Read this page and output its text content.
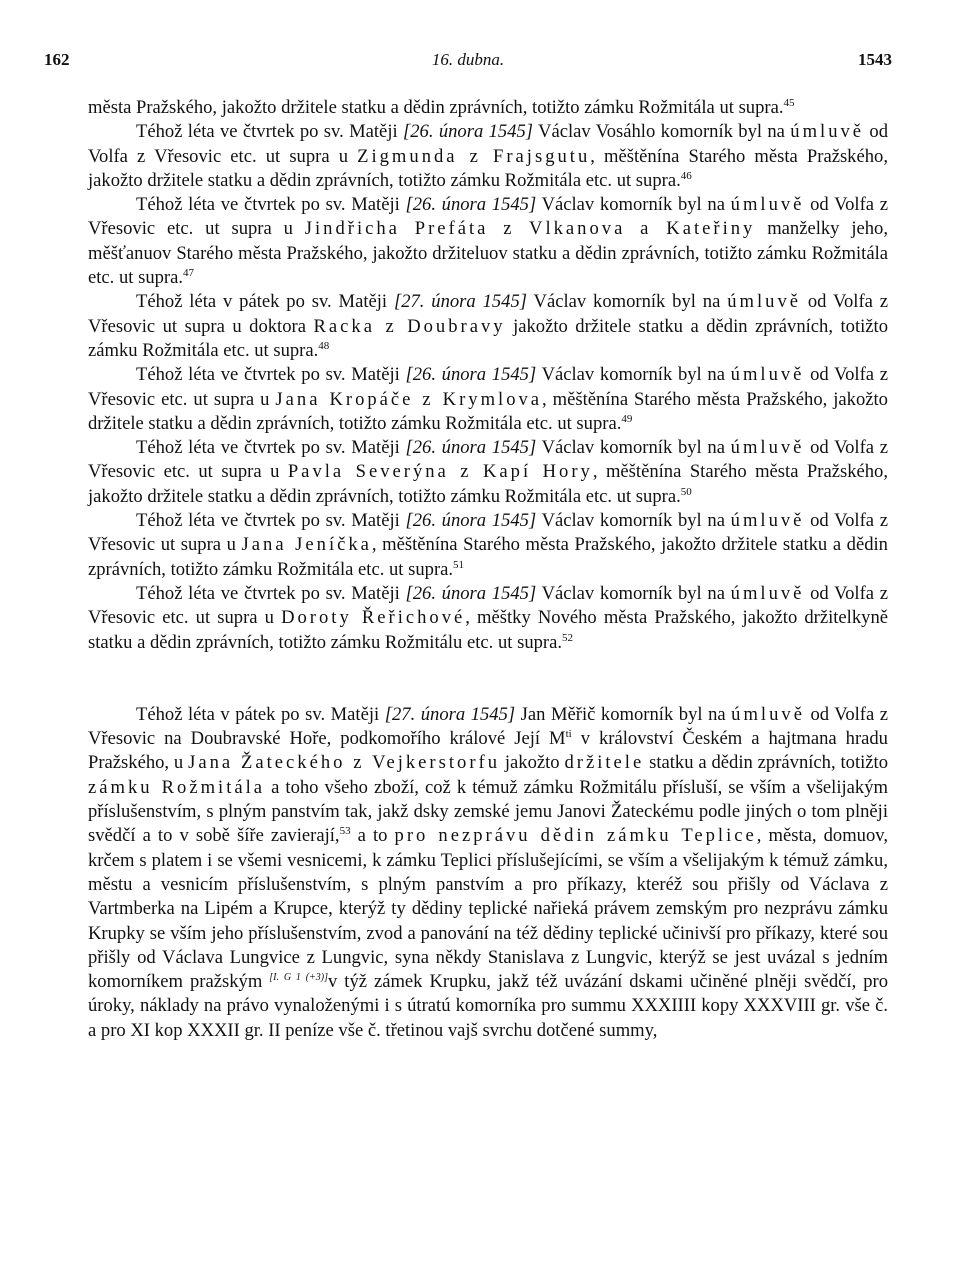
162	16. dubna.	1543

města Pražského, jakožto držitele statku a dědin zprávních, totižto zámku Rožmitála ut supra.$^{45}$

Téhož léta ve čtvrtek po sv. Matěji [26. února 1545] Václav Vosáhlo komorník byl na úmluvě od Volfa z Vřesovic etc. ut supra u Zigmunda z Frajsgutu, měštěnína Starého města Pražského, jakožto držitele statku a dědin zprávních, totižto zámku Rožmitála etc. ut supra.$^{46}$

Téhož léta ve čtvrtek po sv. Matěji [26. února 1545] Václav komorník byl na úmluvě od Volfa z Vřesovic etc. ut supra u Jindřicha Prefáta z Vlkanova a Kateřiny manželky jeho, měšťanuov Starého města Pražského, jakožto držiteluov statku a dědin zprávních, totižto zámku Rožmitála etc. ut supra.$^{47}$

Téhož léta v pátek po sv. Matěji [27. února 1545] Václav komorník byl na úmluvě od Volfa z Vřesovic ut supra u doktora Racka z Doubravy jakožto držitele statku a dědin zprávních, totižto zámku Rožmitála etc. ut supra.$^{48}$

Téhož léta ve čtvrtek po sv. Matěji [26. února 1545] Václav komorník byl na úmluvě od Volfa z Vřesovic etc. ut supra u Jana Kropáče z Krymlova, měštěnína Starého města Pražského, jakožto držitele statku a dědin zprávních, totižto zámku Rožmitála etc. ut supra.$^{49}$

Téhož léta ve čtvrtek po sv. Matěji [26. února 1545] Václav komorník byl na úmluvě od Volfa z Vřesovic etc. ut supra u Pavla Severýna z Kapí Hory, měštěnína Starého města Pražského, jakožto držitele statku a dědin zprávních, totižto zámku Rožmitála etc. ut supra.$^{50}$

Téhož léta ve čtvrtek po sv. Matěji [26. února 1545] Václav komorník byl na úmluvě od Volfa z Vřesovic ut supra u Jana Jeníčka, měštěnína Starého města Pražského, jakožto držitele statku a dědin zprávních, totižto zámku Rožmitála etc. ut supra.$^{51}$

Téhož léta ve čtvrtek po sv. Matěji [26. února 1545] Václav komorník byl na úmluvě od Volfa z Vřesovic etc. ut supra u Doroty Řeřichové, měštky Nového města Pražského, jakožto držitelkyně statku a dědin zprávních, totižto zámku Rožmitálu etc. ut supra.$^{52}$

Téhož léta v pátek po sv. Matěji [27. února 1545] Jan Měřič komorník byl na úmluvě od Volfa z Vřesovic na Doubravské Hoře, podkomořího králové Její $M^{ti}$ v království Českém a hajtmana hradu Pražského, u Jana Žateckého z Vejkerstorfu jakožto držitele statku a dědin zprávních, totižto zámku Rožmitála a toho všeho zboží, což k témuž zámku Rožmitálu přísluší, se vším a všelijakým příslušenstvím, s plným panstvím tak, jakž dsky zemské jemu Janovi Žateckému podle jiných o tom plněji svědčí a to v sobě šíře zavierají,$^{53}$ a to pro nezprávu dědin zámku Teplice, města, domuov, krčem s platem i se všemi vesnicemi, k zámku Teplici příslušejícími, se vším a všelijakým k témuž zámku, městu a vesnicím příslušenstvím, s plným panstvím a pro příkazy, kteréž sou přišly od Václava z Vartmberka na Lipém a Krupce, kterýž ty dědiny teplické nařieká právem zemským pro nezprávu zámku Krupky se vším jeho příslušenstvím, zvod a panování na též dědiny teplické učinivší pro příkazy, které sou přišly od Václava Lungvice z Lungvic, syna někdy Stanislava z Lungvic, kterýž se jest uvázal s jedním komorníkem pražským [I. G 1 (+3)]v týž zámek Krupku, jakž též uvázání dskami učiněné plněji svědčí, pro úroky, náklady na právo vynaloženými i s útratú komorníka pro summu XXXIIII kopy XXXVIII gr. vše č. a pro XI kop XXXII gr. II peníze vše č. třetinou vajš svrchu dotčené summy,
